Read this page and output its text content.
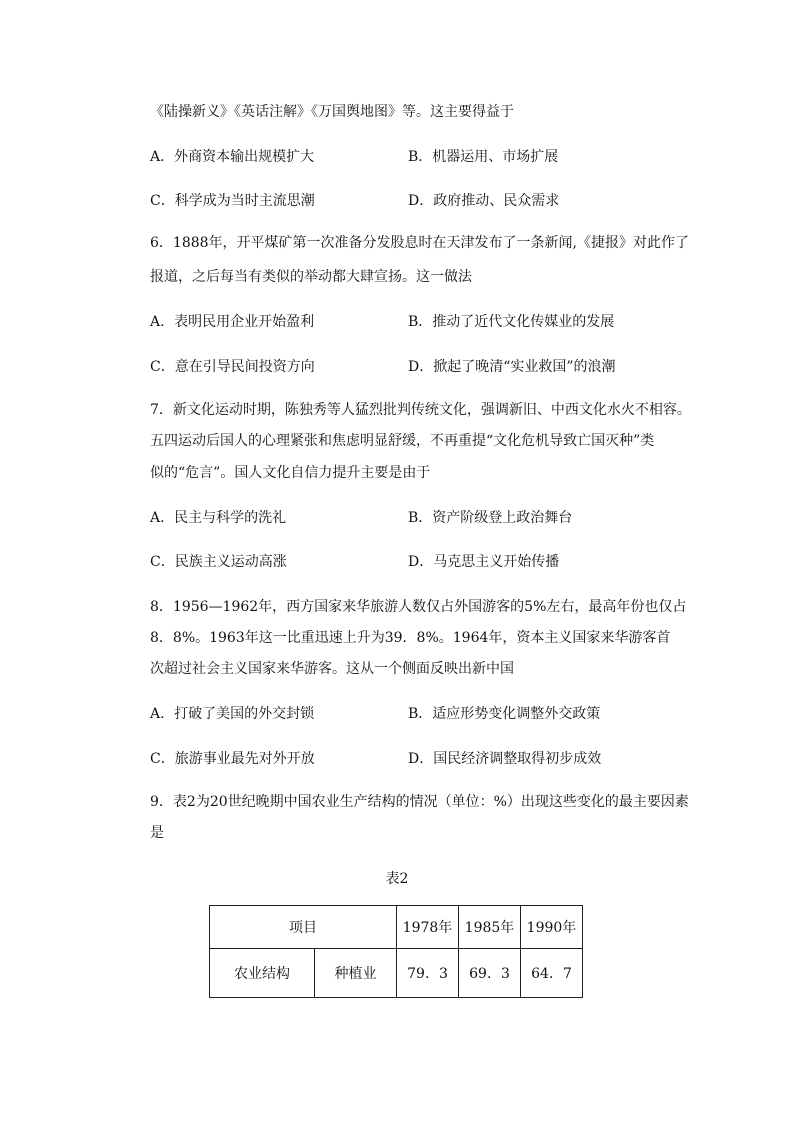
《陆操新义》《英话注解》《万国舆地图》等。这主要得益于
A．外商资本输出规模扩大	B．机器运用、市场扩展
C．科学成为当时主流思潮	D．政府推动、民众需求
6．1888年，开平煤矿第一次准备分发股息时在天津发布了一条新闻,《捷报》对此作了
报道，之后每当有类似的举动都大肆宣扬。这一做法
A．表明民用企业开始盈利	B．推动了近代文化传媒业的发展
C．意在引导民间投资方向	D．掀起了晚清“实业救国”的浪潮
7．新文化运动时期，陈独秀等人猛烈批判传统文化，强调新旧、中西文化水火不相容。
五四运动后国人的心理紧张和焦虑明显舒缓，不再重提“文化危机导致亡国灭种”类
似的“危言”。国人文化自信力提升主要是由于
A．民主与科学的洗礼	B．资产阶级登上政治舞台
C．民族主义运动高涨	D．马克思主义开始传播
8．1956—1962年，西方国家来华旅游人数仅占外国游客的5%左右，最高年份也仅占
8．8%。1963年这一比重迅速上升为39．8%。1964年，资本主义国家来华游客首
次超过社会主义国家来华游客。这从一个侧面反映出新中国
A．打破了美国的外交封锁	B．适应形势变化调整外交政策
C．旅游事业最先对外开放	D．国民经济调整取得初步成效
9．表2为20世纪晚期中国农业生产结构的情况（单位：%）出现这些变化的最主要因素
是
表2
项目		1978年	1985年	1990年
农业结构	种植业	79．3	69．3	64．7
